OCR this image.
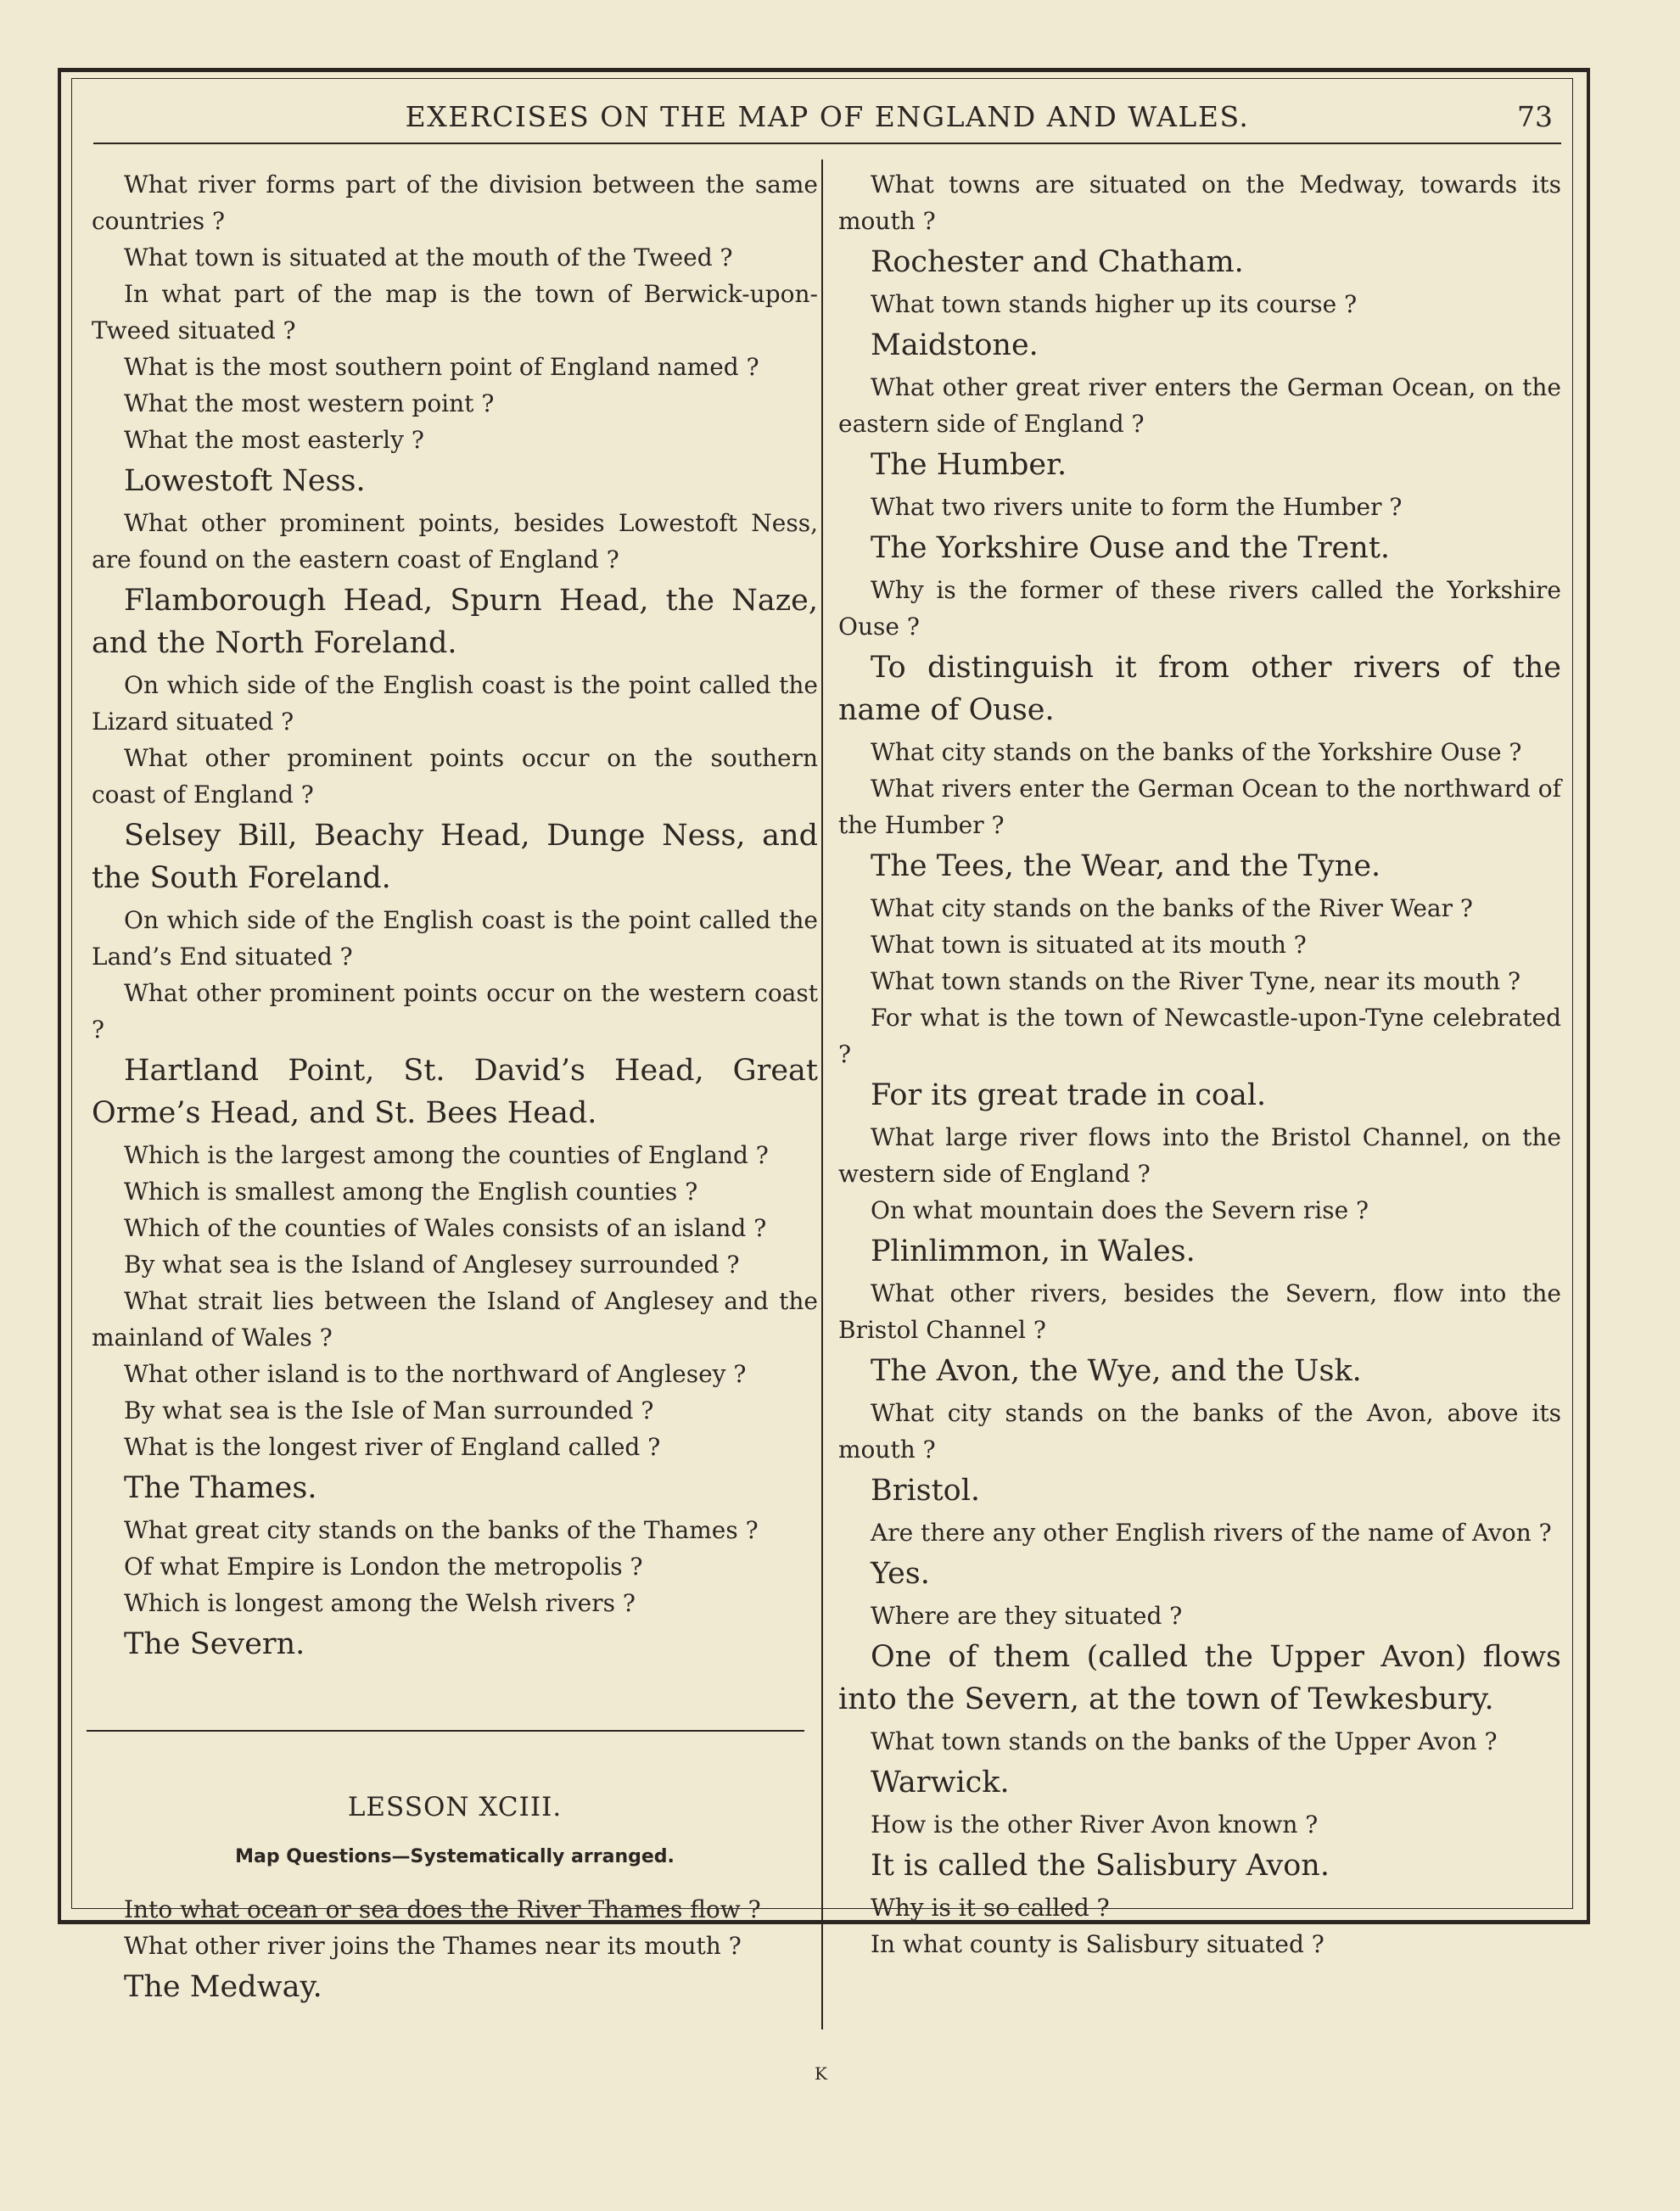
EXERCISES ON THE MAP OF ENGLAND AND WALES.	73

What river forms part of the division between the same countries ?

What town is situated at the mouth of the Tweed ?

In what part of the map is the town of Berwick-upon-Tweed situated ?

What is the most southern point of England named ?

What the most western point ?

What the most easterly ?

Lowestoft Ness.

What other prominent points, besides Lowestoft Ness, are found on the eastern coast of England ?

Flamborough Head, Spurn Head, the Naze, and the North Foreland.

On which side of the English coast is the point called the Lizard situated ?

What other prominent points occur on the southern coast of England ?

Selsey Bill, Beachy Head, Dunge Ness, and the South Foreland.

On which side of the English coast is the point called the Land’s End situated ?

What other prominent points occur on the western coast ?

Hartland Point, St. David’s Head, Great Orme’s Head, and St. Bees Head.

Which is the largest among the counties of England ?

Which is smallest among the English counties ?

Which of the counties of Wales consists of an island ?

By what sea is the Island of Anglesey surrounded ?

What strait lies between the Island of Anglesey and the mainland of Wales ?

What other island is to the northward of Anglesey ?

By what sea is the Isle of Man surrounded ?

What is the longest river of England called ?

The Thames.

What great city stands on the banks of the Thames ?

Of what Empire is London the metropolis ?

Which is longest among the Welsh rivers ?

The Severn.

LESSON XCIII.
Map Questions—Systematically arranged.

Into what ocean or sea does the River Thames flow ?

What other river joins the Thames near its mouth ?

The Medway.

What towns are situated on the Medway, towards its mouth ?

Rochester and Chatham.

What town stands higher up its course ?

Maidstone.

What other great river enters the German Ocean, on the eastern side of England ?

The Humber.

What two rivers unite to form the Humber ?

The Yorkshire Ouse and the Trent.

Why is the former of these rivers called the Yorkshire Ouse ?

To distinguish it from other rivers of the name of Ouse.

What city stands on the banks of the Yorkshire Ouse ?

What rivers enter the German Ocean to the northward of the Humber ?

The Tees, the Wear, and the Tyne.

What city stands on the banks of the River Wear ?

What town is situated at its mouth ?

What town stands on the River Tyne, near its mouth ?

For what is the town of Newcastle-upon-Tyne celebrated ?

For its great trade in coal.

What large river flows into the Bristol Channel, on the western side of England ?

On what mountain does the Severn rise ?

Plinlimmon, in Wales.

What other rivers, besides the Severn, flow into the Bristol Channel ?

The Avon, the Wye, and the Usk.

What city stands on the banks of the Avon, above its mouth ?

Bristol.

Are there any other English rivers of the name of Avon ?

Yes.

Where are they situated ?

One of them (called the Upper Avon) flows into the Severn, at the town of Tewkesbury.

What town stands on the banks of the Upper Avon ?

Warwick.

How is the other River Avon known ?

It is called the Salisbury Avon.

Why is it so called ?

In what county is Salisbury situated ?

K
